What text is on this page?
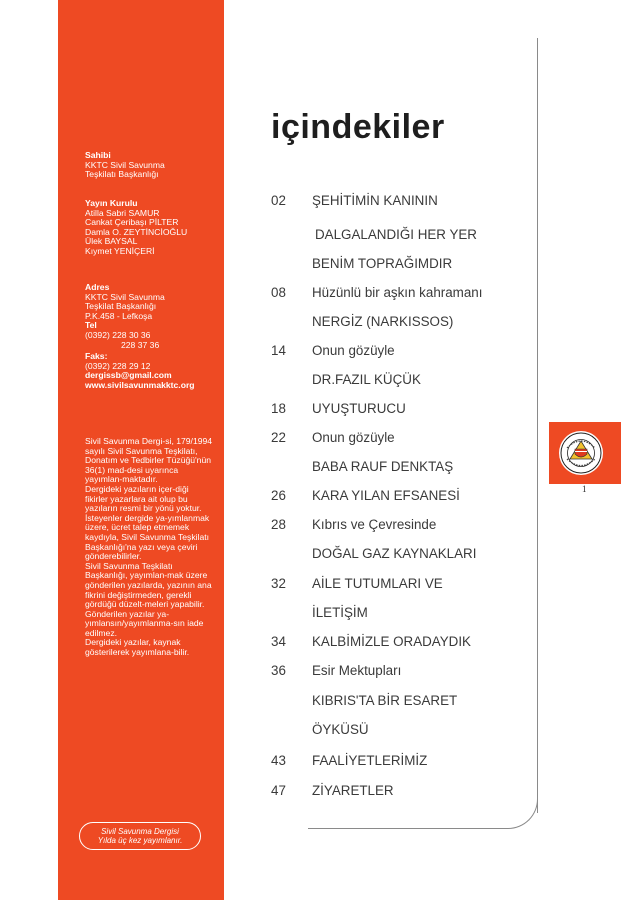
Sahibi
KKTC Sivil Savunma
Teşkilatı Başkanlığı
Yayın Kurulu
Atilla Sabri SAMUR
Cankat Çeribaşı PİLTER
Damla O. ZEYTİNCİOĞLU
Ülek BAYSAL
Kıymet YENİÇERİ
Adres
KKTC Sivil Savunma
Teşkilat Başkanlığı
P.K.458 - Lefkoşa
Tel
(0392) 228 30 36
228 37 36
Faks:
(0392) 228 29 12
dergissb@gmail.com
www.sivilsavunmakktc.org

Sivil Savunma Dergi-si, 179/1994 sayılı Sivil Savunma Teşkilatı, Donatım ve Tedbirler Tüzüğü'nün 36(1) mad-desi uyarınca yayımlan-maktadır.

Dergideki yazıların içer-diği fikirler yazarlara ait olup bu yazıların resmi bir yönü yoktur.

İsteyenler dergide ya-yımlanmak üzere, ücret talep etmemek kaydıyla, Sivil Savunma Teşkilatı Başkanlığı'na yazı veya çeviri gönderebilirler.

Sivil Savunma Teşkilatı Başkanlığı, yayımlan-mak üzere gönderilen yazılarda, yazının ana fikrini değiştirmeden, gerekli gördüğü düzelt-meleri yapabilir.

Gönderilen yazılar ya-yımlansın/yayımlanma-sın iade edilmez.

Dergideki yazılar, kaynak gösterilerek yayımlana-bilir.

Sivil Savunma Dergisi
Yılda üç kez yayımlanır.
içindekiler
02	ŞEHİTİMİN KANININ
DALGALANDIĞI HER YER
BENİM TOPRAĞIMDIR
08	Hüzünlü bir aşkın kahramanı
NERGİZ (NARKISSOS)
14	Onun gözüyle
DR.FAZIL KÜÇÜK
18	UYUŞTURUCU
22	Onun gözüyle
BABA RAUF DENKTAŞ
26	KARA YILAN EFSANESİ
28	Kıbrıs ve Çevresinde
DOĞAL GAZ KAYNAKLARI
32	AİLE TUTUMLARI VE
İLETİŞİM
34	KALBİMİZLE ORADAYDIK
36	Esir Mektupları
KIBRIS'TA BİR ESARET
ÖYKÜSÜ
43	FAALİYETLERİMİZ
47	ZİYARETLER
1
